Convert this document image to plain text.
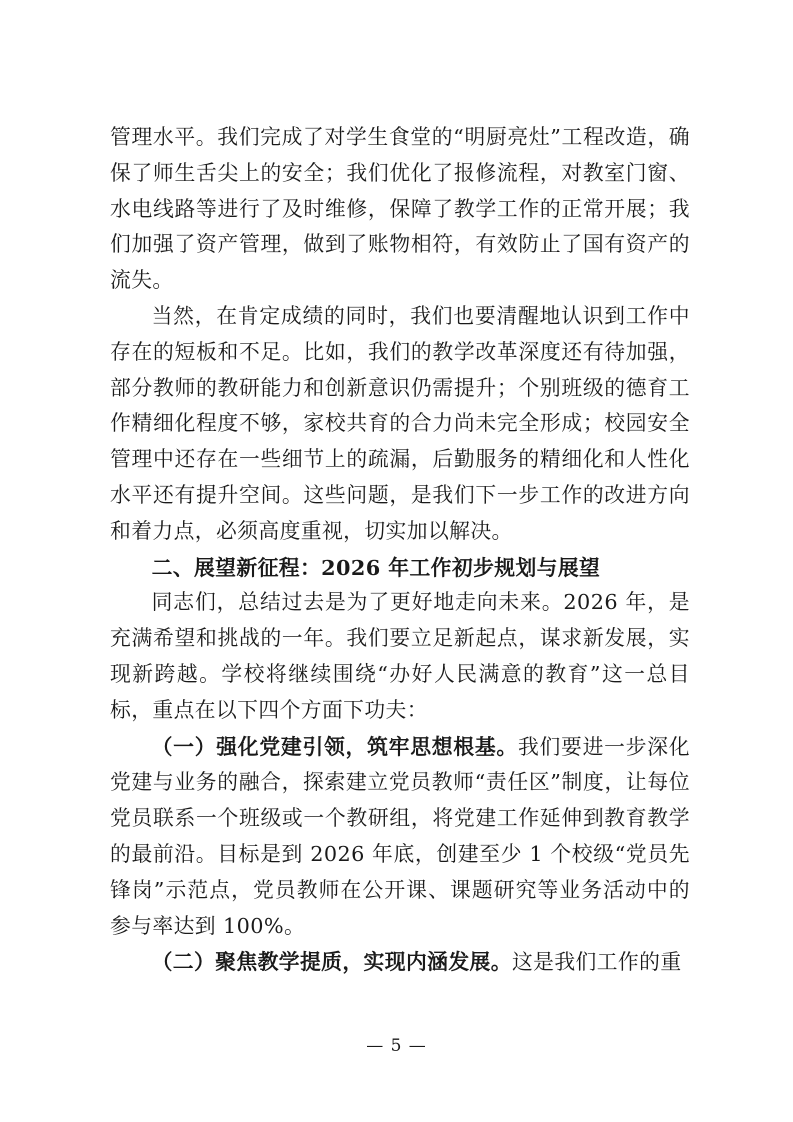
管理水平。我们完成了对学生食堂的“明厨亮灶”工程改造，确保了师生舌尖上的安全；我们优化了报修流程，对教室门窗、水电线路等进行了及时维修，保障了教学工作的正常开展；我们加强了资产管理，做到了账物相符，有效防止了国有资产的流失。

当然，在肯定成绩的同时，我们也要清醒地认识到工作中存在的短板和不足。比如，我们的教学改革深度还有待加强，部分教师的教研能力和创新意识仍需提升；个别班级的德育工作精细化程度不够，家校共育的合力尚未完全形成；校园安全管理中还存在一些细节上的疏漏，后勤服务的精细化和人性化水平还有提升空间。这些问题，是我们下一步工作的改进方向和着力点，必须高度重视，切实加以解决。

二、展望新征程：2026 年工作初步规划与展望

同志们，总结过去是为了更好地走向未来。2026 年，是充满希望和挑战的一年。我们要立足新起点，谋求新发展，实现新跨越。学校将继续围绕“办好人民满意的教育”这一总目标，重点在以下四个方面下功夫：

（一）强化党建引领，筑牢思想根基。我们要进一步深化党建与业务的融合，探索建立党员教师“责任区”制度，让每位党员联系一个班级或一个教研组，将党建工作延伸到教育教学的最前沿。目标是到 2026 年底，创建至少 1 个校级“党员先锋岗”示范点，党员教师在公开课、课题研究等业务活动中的参与率达到 100%。

（二）聚焦教学提质，实现内涵发展。这是我们工作的重

— 5 —
